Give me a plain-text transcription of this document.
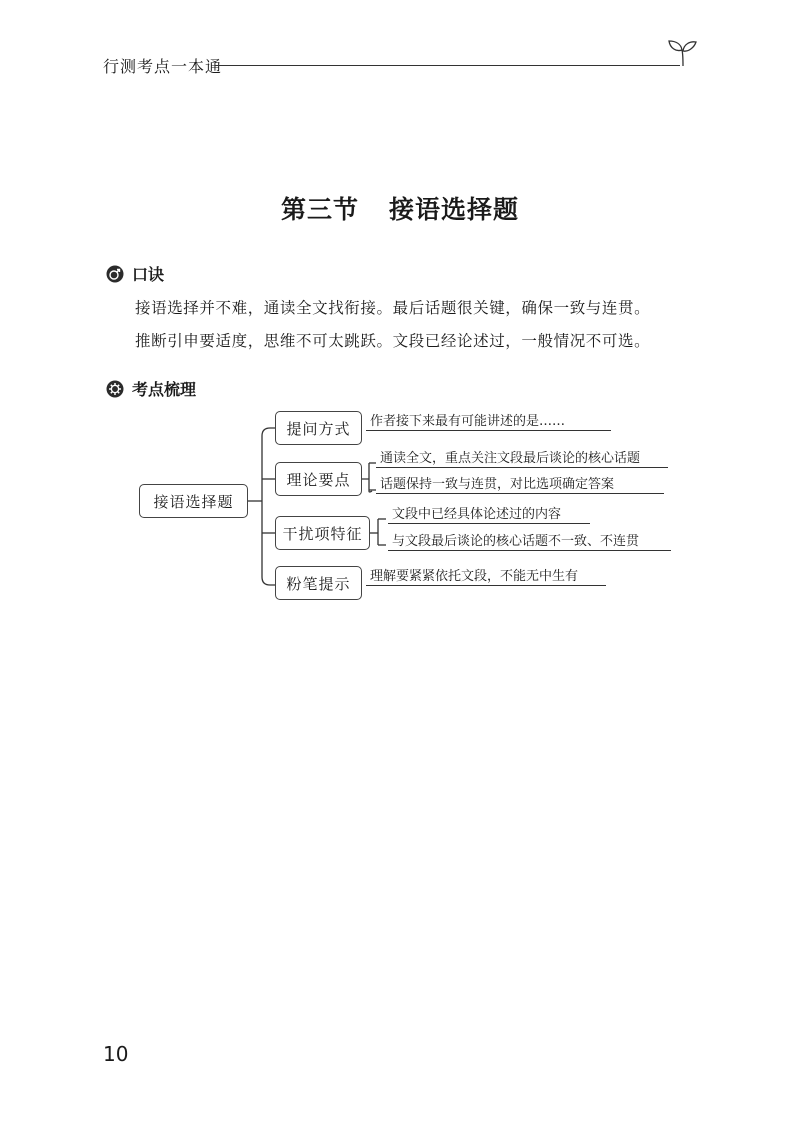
行测考点一本通
第三节 接语选择题
口诀
接语选择并不难，通读全文找衔接。最后话题很关键，确保一致与连贯。
推断引申要适度，思维不可太跳跃。文段已经论述过，一般情况不可选。
考点梳理
接语选择题
提问方式
理论要点
干扰项特征
粉笔提示
作者接下来最有可能讲述的是……
通读全文，重点关注文段最后谈论的核心话题
话题保持一致与连贯，对比选项确定答案
文段中已经具体论述过的内容
与文段最后谈论的核心话题不一致、不连贯
理解要紧紧依托文段，不能无中生有
10
